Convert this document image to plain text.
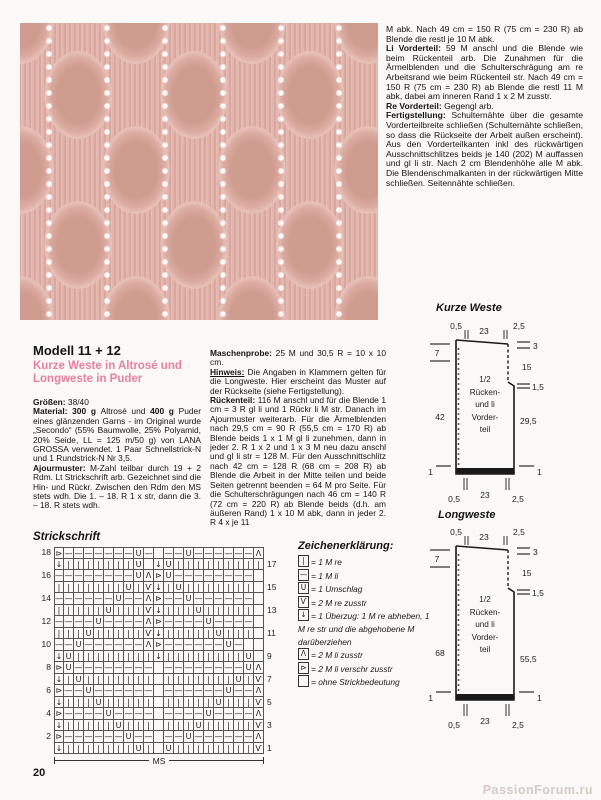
M abk. Nach 49 cm = 150 R (75 cm = 230 R) ab Blende die restl je 10 M abk.

Li Vorderteil: 59 M anschl und die Blende wie beim Rückenteil arb. Die Zunahmen für die Ärmelblenden und die Schulterschrägung am re Arbeitsrand wie beim Rückenteil str. Nach 49 cm = 150 R (75 cm = 230 R) ab Blende die restl 11 M abk, dabei am inneren Rand 1 x 2 M zusstr.

Re Vorderteil: Gegengl arb.

Fertigstellung: Schulternähte über die gesamte Vorderteilbreite schließen (Schulternähte schließen, so dass die Rückseite der Arbeit außen erscheint). Aus den Vorderteilkanten inkl des rückwärtigen Ausschnittschlitzes beids je 140 (202) M auffassen und gl li str. Nach 2 cm Blendenhöhe alle M abk. Die Blendenschmalkanten in der rückwärtigen Mitte schließen. Seitennähte schließen.

Modell 11 + 12
Kurze Weste in Altrosé und Longweste in Puder

Größen: 38/40

Material: 300 g Altrosé und 400 g Puder eines glänzenden Garns - im Original wurde „Secondo“ (55% Baumwolle, 25% Polyamid, 20% Seide, LL = 125 m/50 g) von LANA GROSSA verwendet. 1 Paar Schnellstrick-N und 1 Rundstrick-N Nr 3,5.

Ajourmuster: M-Zahl teilbar durch 19 + 2 Rdm. Lt Strickschrift arb. Gezeichnet sind die Hin- und Rückr. Zwischen den Rdm den MS stets wdh. Die 1. – 18. R 1 x str, dann die 3. – 18. R stets wdh.

Maschenprobe: 25 M und 30,5 R = 10 x 10 cm.

Hinweis: Die Angaben in Klammern gelten für die Longweste. Hier erscheint das Muster auf der Rückseite (siehe Fertigstellung).

Rückenteil: 116 M anschl und für die Blende 1 cm = 3 R gl li und 1 Rückr li M str. Danach im Ajourmuster weiterarb. Für die Ärmelblenden nach 29,5 cm = 90 R (55,5 cm = 170 R) ab Blende beids 1 x 1 M gl li zunehmen, dann in jeder 2. R 1 x 2 und 1 x 3 M neu dazu anschl und gl li str = 128 M. Für den Ausschnittschlitz nach 42 cm = 128 R (68 cm = 208 R) ab Blende die Arbeit in der Mitte teilen und beide Seiten getrennt beenden = 64 M pro Seite. Für die Schulterschrägungen nach 46 cm = 140 R (72 cm = 220 R) ab Blende beids (d.h. am äußeren Rand) 1 x 10 M abk, dann in jeder 2. R 4 x je 11

Strickschrift
18 ⊳ — — — — — — — U — — — U — — — — — — Λ
↓ | | | | | | | U	↓ U | | | | | | | | | 17
16 — — — — — — — — U Λ ⊳ U — — — — — — — —
| | | | | | | U | Ѵ ↓ | U | | | | | | |	15
14 — — — — — — U — — Λ ⊳ — — U — — — — — —
| | | | | U | | | Ѵ ↓ | | | U | | | | |	13
12 — — — — U — — — — Λ ⊳ — — — — U — — — —
| | | U | | | | | Ѵ ↓ | | | | | U | | |	11
10 — — U — — — — — — Λ ⊳ — — — — — — U —
↓ U | | | | | | | | ↓ | | | | | | | | U	9
8 ⊳ U — — — — — — — — — — — — — — — — U Λ
↓ | U | | | | | | |	| | | | | | | U | Ѵ 7
6 ⊳ — — U — — — — — — — — — — — — U — — Λ
↓ | | | U | | | | |	| | | | | U | | | Ѵ 5
4 ⊳ — — — — U — — — — — — — — U — — — — Λ
↓ | | | | | U | | |	| | | U | | | | | Ѵ 3
2 ⊳ — — — — — — U — — — — U — — — — — — Λ
↓ | | | | | | | U |	U | | | | | | | | Ѵ 1
MS
Zeichenerklärung:
| = 1 M re
— = 1 M li
U = 1 Umschlag
Ѵ = 2 M re zusstr
↓ = 1 Überzug: 1 M re abheben, 1 M re str und die abgehobene M darüberziehen
Λ = 2 M li zusstr
⊳ = 2 M li verschr zusstr
= ohne Strickbedeutung
Kurze Weste
0,5 23	2,5
7
3
15
1,5
42	29,5
1	1
0,5 23	2,5
1/2
Rücken-
und li
Vorder-
teil
Longweste
0,5 23	2,5
7
3
15
1,5
68
55,5
1	1
0,5 23	2,5
1/2
Rücken-
und li
Vorder-
teil
20
PassionForum.ru
